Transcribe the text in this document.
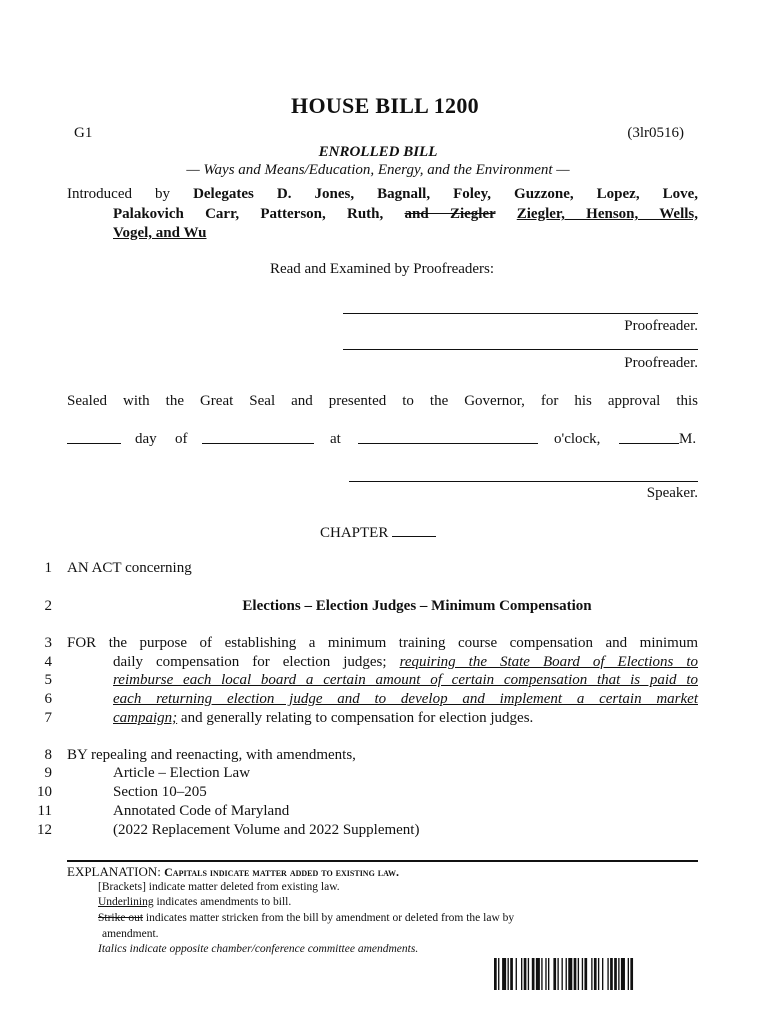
HOUSE BILL 1200
G1	(3lr0516)
ENROLLED BILL
— Ways and Means/Education, Energy, and the Environment —
Introduced by Delegates D. Jones, Bagnall, Foley, Guzzone, Lopez, Love,
Palakovich Carr, Patterson, Ruth, and Ziegler Ziegler, Henson, Wells,
Vogel, and Wu
Read and Examined by Proofreaders:
Proofreader.
Proofreader.
Sealed with the Great Seal and presented to the Governor, for his approval this
day of	at	o'clock,	M.
Speaker.
CHAPTER
1 AN ACT concerning
2	Elections – Election Judges – Minimum Compensation
3 FOR the purpose of establishing a minimum training course compensation and minimum
4	daily compensation for election judges; requiring the State Board of Elections to
5	reimburse each local board a certain amount of certain compensation that is paid to
6	each returning election judge and to develop and implement a certain market
7	campaign; and generally relating to compensation for election judges.
8 BY repealing and reenacting, with amendments,
9	Article – Election Law
10	Section 10–205
11	Annotated Code of Maryland
12	(2022 Replacement Volume and 2022 Supplement)
EXPLANATION: Capitals indicate matter added to existing law.
[Brackets] indicate matter deleted from existing law.
Underlining indicates amendments to bill.
Strike out indicates matter stricken from the bill by amendment or deleted from the law by
amendment.
Italics indicate opposite chamber/conference committee amendments.
